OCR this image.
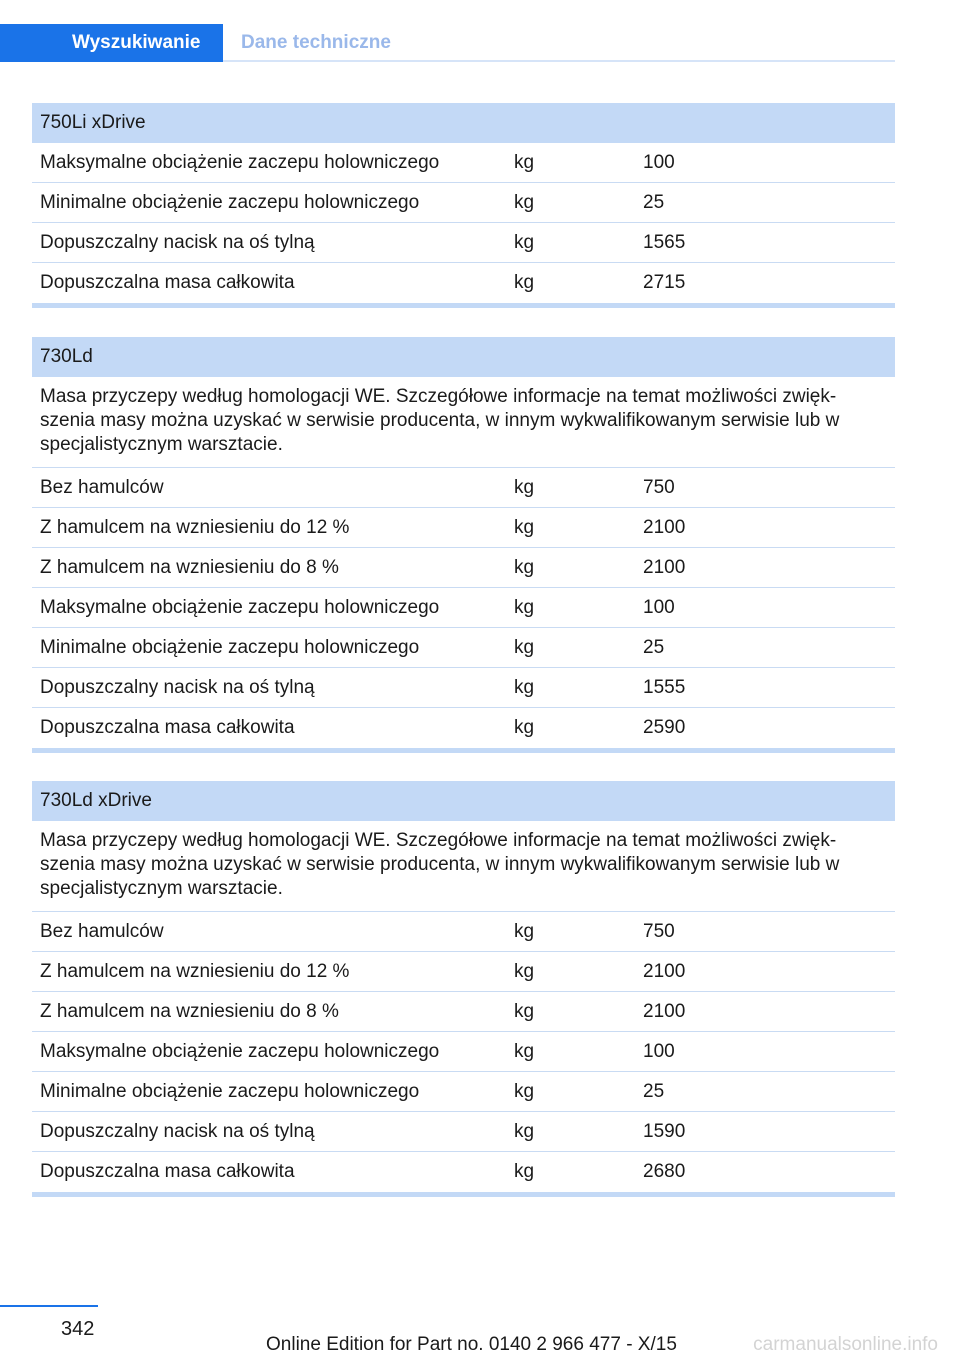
Wyszukiwanie	Dane techniczne
750Li xDrive
Maksymalne obciążenie zaczepu holowniczego	kg	100
Minimalne obciążenie zaczepu holowniczego	kg	25
Dopuszczalny nacisk na oś tylną	kg	1565
Dopuszczalna masa całkowita	kg	2715
730Ld
Masa przyczepy według homologacji WE. Szczegółowe informacje na temat możliwości zwięk-szenia masy można uzyskać w serwisie producenta, w innym wykwalifikowanym serwisie lub w specjalistycznym warsztacie.
Bez hamulców	kg	750
Z hamulcem na wzniesieniu do 12 %	kg	2100
Z hamulcem na wzniesieniu do 8 %	kg	2100
Maksymalne obciążenie zaczepu holowniczego	kg	100
Minimalne obciążenie zaczepu holowniczego	kg	25
Dopuszczalny nacisk na oś tylną	kg	1555
Dopuszczalna masa całkowita	kg	2590
730Ld xDrive
Masa przyczepy według homologacji WE. Szczegółowe informacje na temat możliwości zwięk-szenia masy można uzyskać w serwisie producenta, w innym wykwalifikowanym serwisie lub w specjalistycznym warsztacie.
Bez hamulców	kg	750
Z hamulcem na wzniesieniu do 12 %	kg	2100
Z hamulcem na wzniesieniu do 8 %	kg	2100
Maksymalne obciążenie zaczepu holowniczego	kg	100
Minimalne obciążenie zaczepu holowniczego	kg	25
Dopuszczalny nacisk na oś tylną	kg	1590
Dopuszczalna masa całkowita	kg	2680
342
Online Edition for Part no. 0140 2 966 477 - X/15	carmanualsonline.info
